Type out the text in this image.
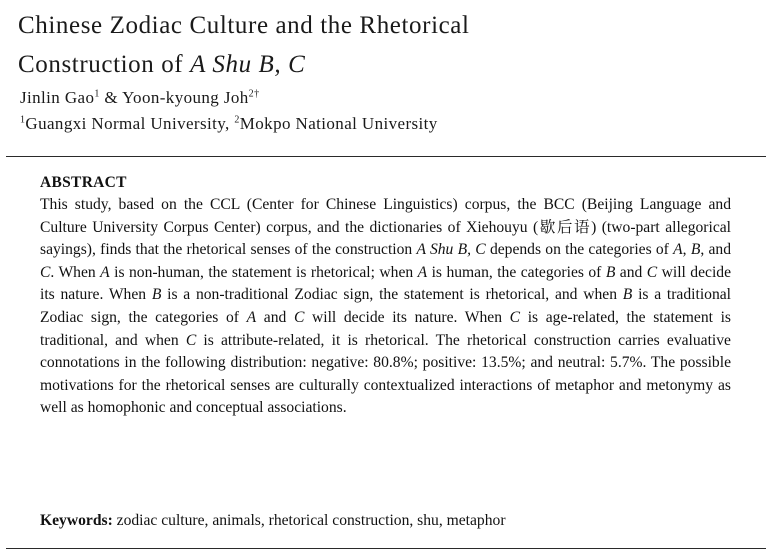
Chinese Zodiac Culture and the Rhetorical
Construction of A Shu B, C
Jinlin Gao$^1$ & Yoon-kyoung Joh$^{2\dagger}$
$^1$Guangxi Normal University, $^2$Mokpo National University
ABSTRACT

This study, based on the CCL (Center for Chinese Linguistics) corpus, the BCC (Beijing Language and Culture University Corpus Center) corpus, and the dictionaries of Xiehouyu (歇后语) (two-part allegorical sayings), finds that the rhetorical senses of the construction A Shu B, C depends on the categories of A, B, and C. When A is non-human, the statement is rhetorical; when A is human, the categories of B and C will decide its nature. When B is a non-traditional Zodiac sign, the statement is rhetorical, and when B is a traditional Zodiac sign, the categories of A and C will decide its nature. When C is age-related, the statement is traditional, and when C is attribute-related, it is rhetorical. The rhetorical construction carries evaluative connotations in the following distribution: negative: 80.8%; positive: 13.5%; and neutral: 5.7%. The possible motivations for the rhetorical senses are culturally contextualized interactions of metaphor and metonymy as well as homophonic and conceptual associations.

Keywords: zodiac culture, animals, rhetorical construction, shu, metaphor
